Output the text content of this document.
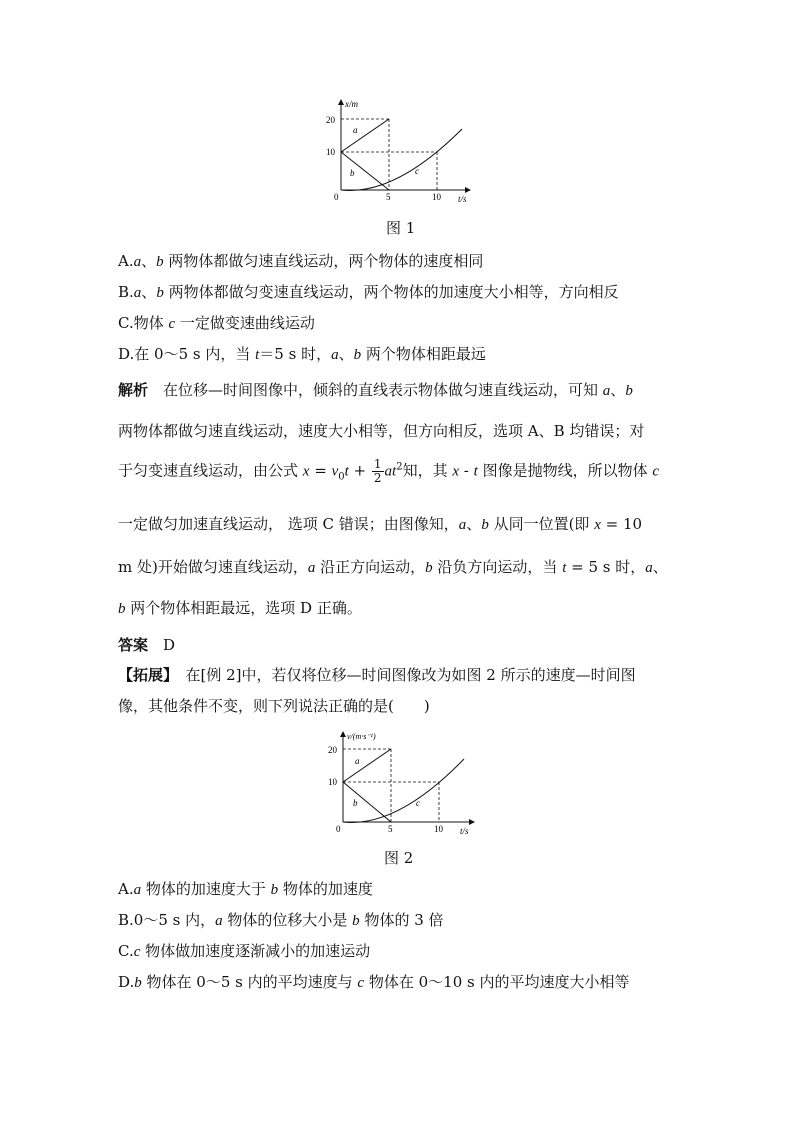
x/m
t/s
0
20
10
5	10
a
b	c
图 1
A.a、b 两物体都做匀速直线运动，两个物体的速度相同
B.a、b 两物体都做匀变速直线运动，两个物体的加速度大小相等，方向相反
C.物体 c 一定做变速曲线运动
D.在 0～5 s 内，当 t＝5 s 时，a、b 两个物体相距最远
解析　在位移—时间图像中，倾斜的直线表示物体做匀速直线运动，可知 a、b
两物体都做匀速直线运动，速度大小相等，但方向相反，选项 A、B 均错误；对
于匀变速直线运动，由公式 $x = v_0t + \frac{1}{2} at^2$知，其 x - t 图像是抛物线，所以物体 c
一定做匀加速直线运动， 选项 C 错误；由图像知，a、b 从同一位置(即 x = 10
m 处)开始做匀速直线运动，a 沿正方向运动，b 沿负方向运动，当 t = 5 s 时，a、
b 两个物体相距最远，选项 D 正确。
答案　 D
【拓展】　在[例 2]中，若仅将位移—时间图像改为如图 2 所示的速度—时间图
像，其他条件不变，则下列说法正确的是(　　)
v/(m·s⁻¹)
t/s
0
20
10
5	10
a
b	c
图 2
A.a 物体的加速度大于 b 物体的加速度
B.0～5 s 内，a 物体的位移大小是 b 物体的 3 倍
C.c 物体做加速度逐渐减小的加速运动
D.b 物体在 0～5 s 内的平均速度与 c 物体在 0～10 s 内的平均速度大小相等
